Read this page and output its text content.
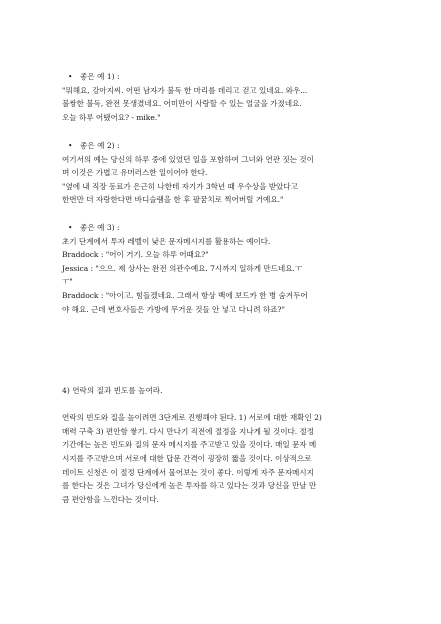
• 좋은 예 1) :
"뭐해요, 강아지씨. 어떤 남자가 불독 한 마리를 데리고 걷고 있네요. 와우...
불쌍한 불독, 완전 못생겼네요. 어미만이 사랑할 수 있는 얼굴을 가졌네요.
오늘 하루 어땠어요? - mike."
• 좋은 예 2) :
여기서의 예는 당신의 하루 중에 있었던 일을 포함하여 그녀와 연관 짓는 것이
며 이것은 가볍고 유머러스한 일이어야 한다.
"옆에 내 직장 동료가 은근히 나한테 자기가 3학년 때 우수상을 받았다고
한번만 더 자랑한다면 바디슬램을 한 후 팔꿈치로 찍어버릴 거예요."
• 좋은 예 3) :
초기 단계에서 투자 레벨이 낮은 문자메시지를 활용하는 예이다.
Braddock : "어이 거기. 오늘 하루 어때요?"
Jessica : "으으. 제 상사는 완전 의관수예요. 7시까지 일하게 만드네요.ㅜ
ㅜ"
Braddock : "아이고. 힘들겠네요. 그래서 항상 백에 보드카 한 병 숨겨두어
야 해요. 근데 변호사들은 가방에 무거운 것들 안 넣고 다니려 하죠?"
4) 연락의 질과 빈도를 높여라.
연락의 빈도와 질을 높이려면 3단계로 진행해야 된다. 1) 서로에 대한 재확인 2)
매력 구축 3) 편안함 쌓기. 다시 만나기 직전에 절정을 지나게 될 것이다. 절정
기간에는 높은 빈도와 질의 문자 메시지를 주고받고 있을 것이다. 매일 문자 메
시지를 주고받으며 서로에 대한 답문 간격이 굉장히 짧을 것이다. 이상적으로
데이트 신청은 이 절정 단계에서 물어보는 것이 좋다. 이렇게 자주 문자메시지
를 한다는 것은 그녀가 당신에게 높은 투자를 하고 있다는 것과 당신을 만날 만
큼 편안함을 느낀다는 것이다.
